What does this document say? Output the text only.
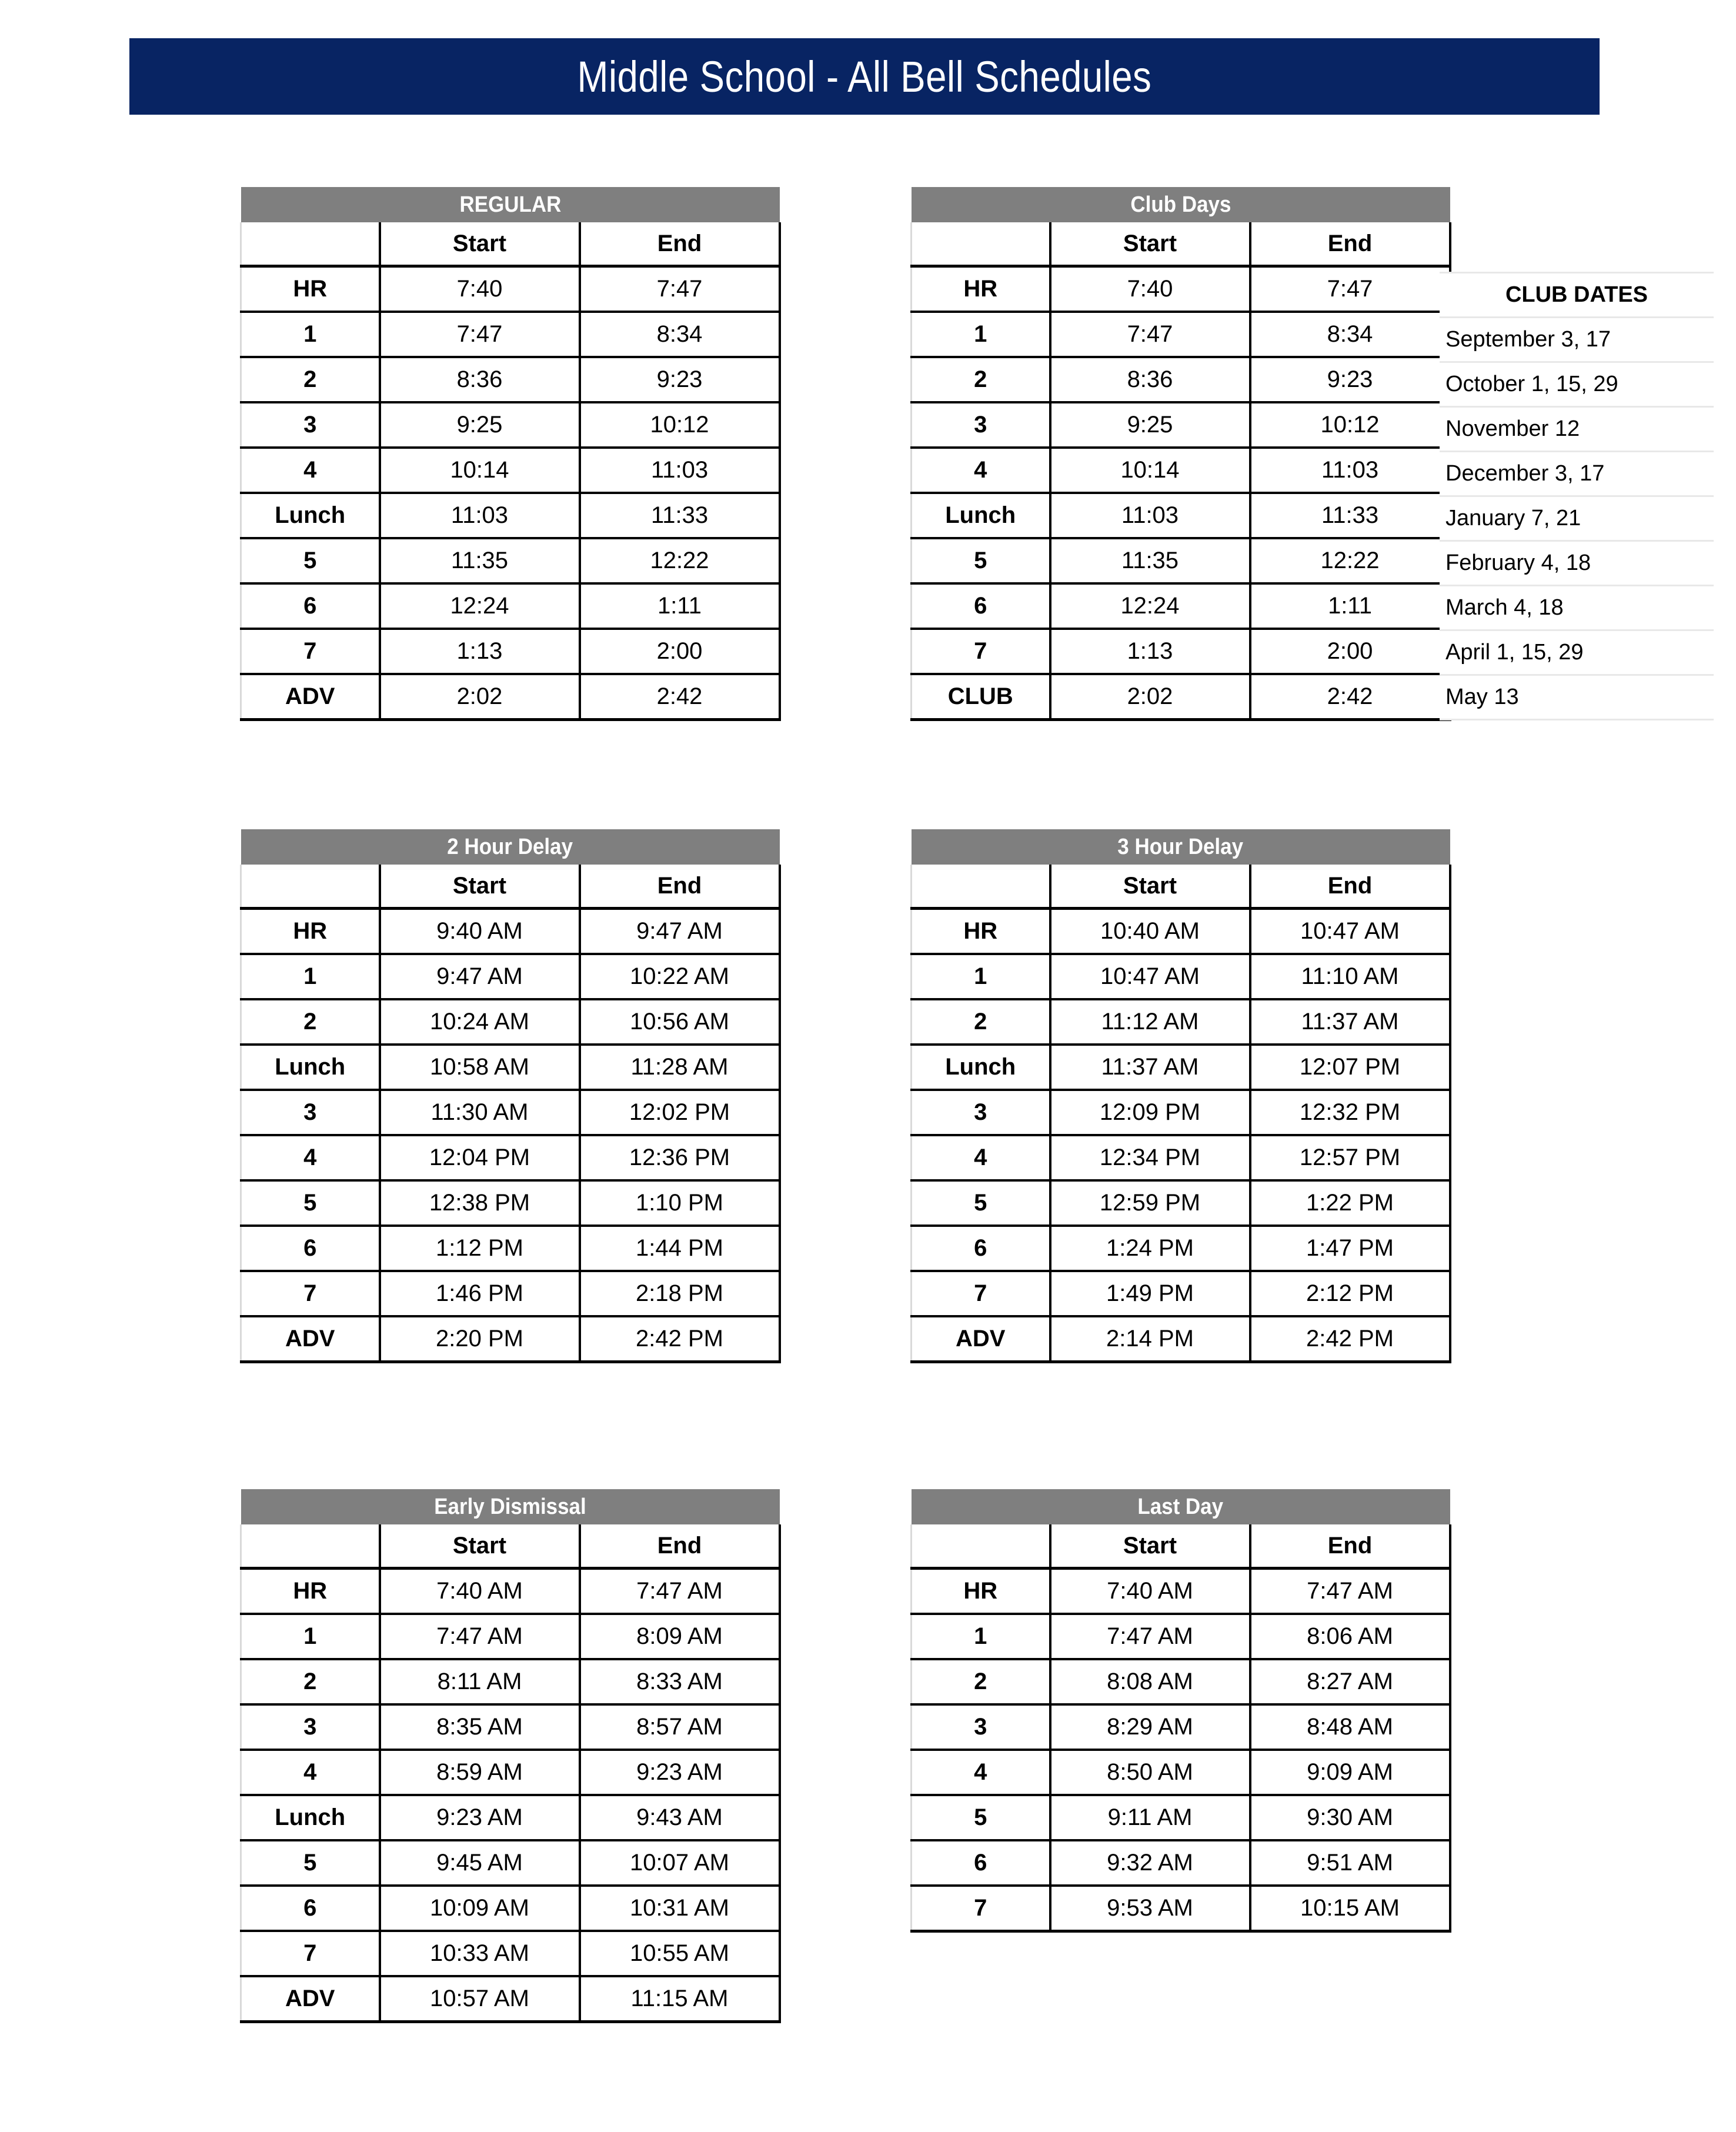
Middle School - All Bell Schedules
REGULAR		
	Start	End
HR	7:40	7:47
1	7:47	8:34
2	8:36	9:23
3	9:25	10:12
4	10:14	11:03
Lunch	11:03	11:33
5	11:35	12:22
6	12:24	1:11
7	1:13	2:00
ADV	2:02	2:42
Club Days		
	Start	End
HR	7:40	7:47
1	7:47	8:34
2	8:36	9:23
3	9:25	10:12
4	10:14	11:03
Lunch	11:03	11:33
5	11:35	12:22
6	12:24	1:11
7	1:13	2:00
CLUB	2:02	2:42
2 Hour Delay		
	Start	End
HR	9:40 AM	9:47 AM
1	9:47 AM	10:22 AM
2	10:24 AM	10:56 AM
Lunch	10:58 AM	11:28 AM
3	11:30 AM	12:02 PM
4	12:04 PM	12:36 PM
5	12:38 PM	1:10 PM
6	1:12 PM	1:44 PM
7	1:46 PM	2:18 PM
ADV	2:20 PM	2:42 PM
3 Hour Delay		
	Start	End
HR	10:40 AM	10:47 AM
1	10:47 AM	11:10 AM
2	11:12 AM	11:37 AM
Lunch	11:37 AM	12:07 PM
3	12:09 PM	12:32 PM
4	12:34 PM	12:57 PM
5	12:59 PM	1:22 PM
6	1:24 PM	1:47 PM
7	1:49 PM	2:12 PM
ADV	2:14 PM	2:42 PM
Early Dismissal		
	Start	End
HR	7:40 AM	7:47 AM
1	7:47 AM	8:09 AM
2	8:11 AM	8:33 AM
3	8:35 AM	8:57 AM
4	8:59 AM	9:23 AM
Lunch	9:23 AM	9:43 AM
5	9:45 AM	10:07 AM
6	10:09 AM	10:31 AM
7	10:33 AM	10:55 AM
ADV	10:57 AM	11:15 AM
Last Day		
	Start	End
HR	7:40 AM	7:47 AM
1	7:47 AM	8:06 AM
2	8:08 AM	8:27 AM
3	8:29 AM	8:48 AM
4	8:50 AM	9:09 AM
5	9:11 AM	9:30 AM
6	9:32 AM	9:51 AM
7	9:53 AM	10:15 AM
CLUB DATES
September 3, 17
October 1, 15, 29
November 12
December 3, 17
January 7, 21
February 4, 18
March 4, 18
April 1, 15, 29
May 13
